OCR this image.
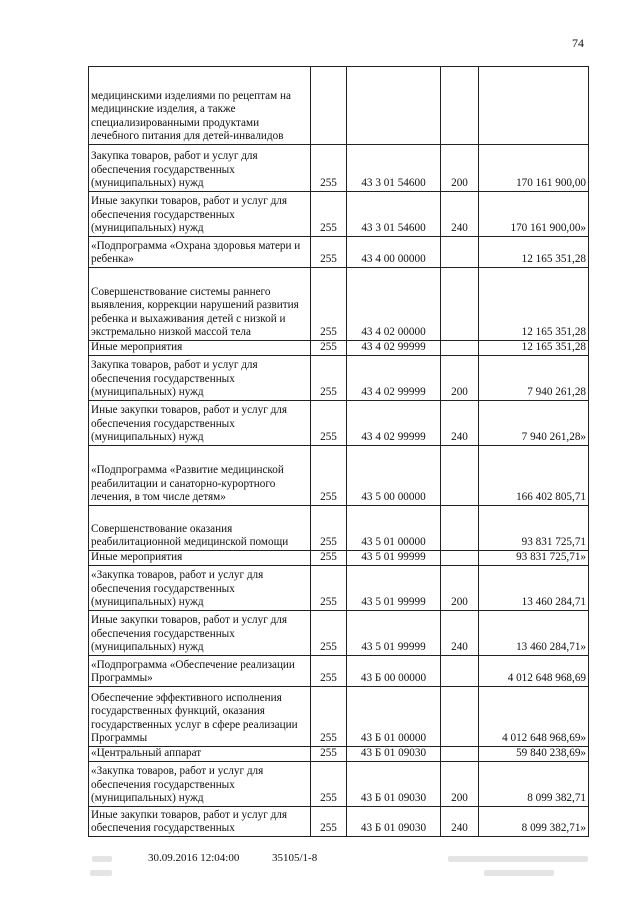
74
медицинскими изделиями по рецептам на медицинские изделия, а также специализированными продуктами лечебного питания для детей-инвалидов				
Закупка товаров, работ и услуг для обеспечения государственных (муниципальных) нужд	255	43 3 01 54600	200	170 161 900,00
Иные закупки товаров, работ и услуг для обеспечения государственных (муниципальных) нужд	255	43 3 01 54600	240	170 161 900,00»
«Подпрограмма «Охрана здоровья матери и ребенка»	255	43 4 00 00000		12 165 351,28
Совершенствование системы раннего выявления, коррекции нарушений развития ребенка и выхаживания детей с низкой и экстремально низкой массой тела	255	43 4 02 00000		12 165 351,28
Иные мероприятия	255	43 4 02 99999		12 165 351,28
Закупка товаров, работ и услуг для обеспечения государственных (муниципальных) нужд	255	43 4 02 99999	200	7 940 261,28
Иные закупки товаров, работ и услуг для обеспечения государственных (муниципальных) нужд	255	43 4 02 99999	240	7 940 261,28»
«Подпрограмма «Развитие медицинской реабилитации и санаторно-курортного лечения, в том числе детям»	255	43 5 00 00000		166 402 805,71
Совершенствование оказания реабилитационной медицинской помощи	255	43 5 01 00000		93 831 725,71
Иные мероприятия	255	43 5 01 99999		93 831 725,71»
«Закупка товаров, работ и услуг для обеспечения государственных (муниципальных) нужд	255	43 5 01 99999	200	13 460 284,71
Иные закупки товаров, работ и услуг для обеспечения государственных (муниципальных) нужд	255	43 5 01 99999	240	13 460 284,71»
«Подпрограмма «Обеспечение реализации Программы»	255	43 Б 00 00000		4 012 648 968,69
Обеспечение эффективного исполнения государственных функций, оказания государственных услуг в сфере реализации Программы	255	43 Б 01 00000		4 012 648 968,69»
«Центральный аппарат	255	43 Б 01 09030		59 840 238,69»
«Закупка товаров, работ и услуг для обеспечения государственных (муниципальных) нужд	255	43 Б 01 09030	200	8 099 382,71
Иные закупки товаров, работ и услуг для обеспечения государственных	255	43 Б 01 09030	240	8 099 382,71»
30.09.2016 12:04:00	35105/1-8
